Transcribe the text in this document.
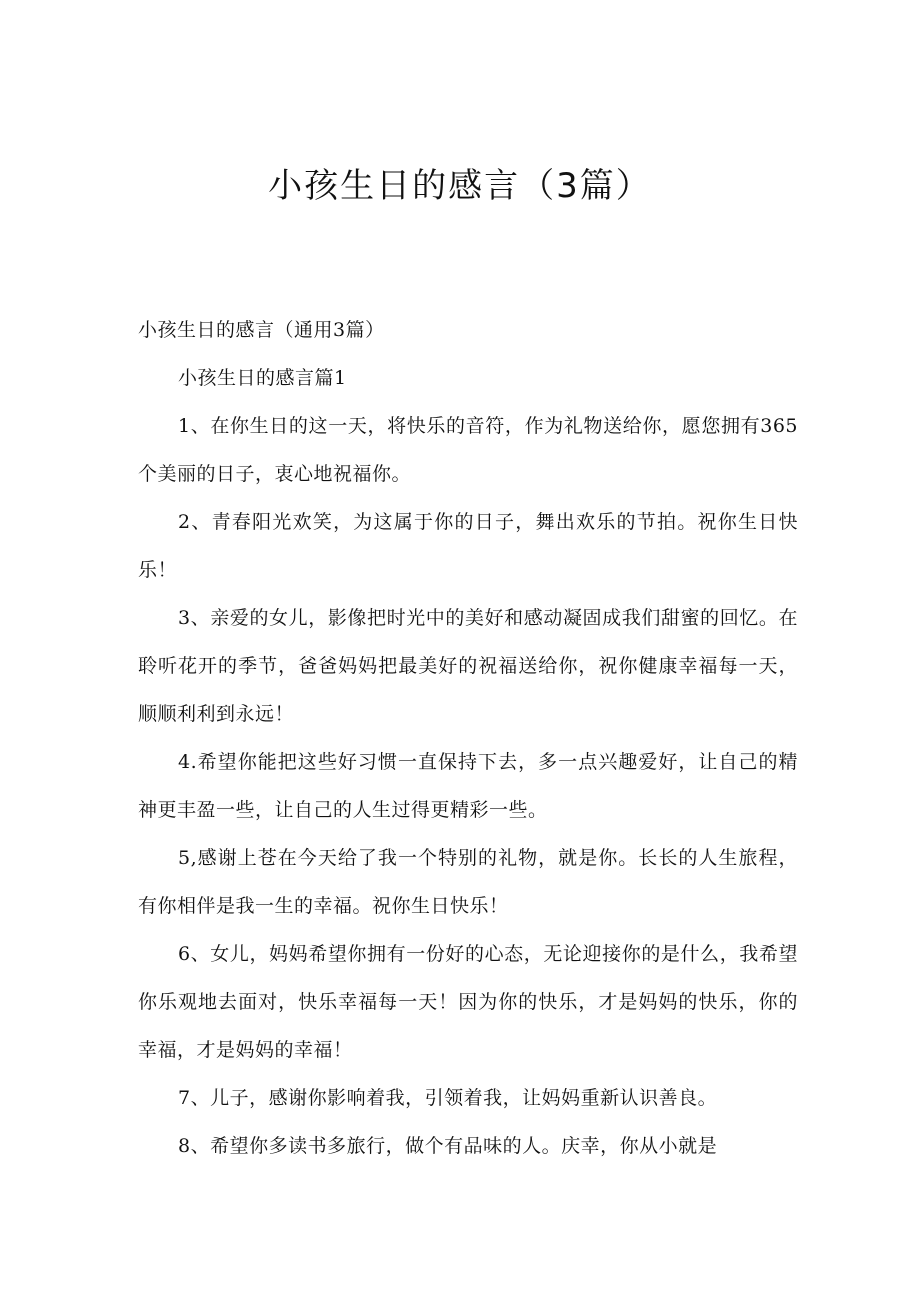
小孩生日的感言（3篇）

小孩生日的感言（通用3篇）

小孩生日的感言篇1

1、在你生日的这一天，将快乐的音符，作为礼物送给你，愿您拥有365个美丽的日子，衷心地祝福你。

2、青春阳光欢笑，为这属于你的日子，舞出欢乐的节拍。祝你生日快乐！

3、亲爱的女儿，影像把时光中的美好和感动凝固成我们甜蜜的回忆。在聆听花开的季节，爸爸妈妈把最美好的祝福送给你，祝你健康幸福每一天，顺顺利利到永远！

4.希望你能把这些好习惯一直保持下去，多一点兴趣爱好，让自己的精神更丰盈一些，让自己的人生过得更精彩一些。

5,感谢上苍在今天给了我一个特别的礼物，就是你。长长的人生旅程，有你相伴是我一生的幸福。祝你生日快乐！

6、女儿，妈妈希望你拥有一份好的心态，无论迎接你的是什么，我希望你乐观地去面对，快乐幸福每一天！因为你的快乐，才是妈妈的快乐，你的幸福，才是妈妈的幸福！

7、儿子，感谢你影响着我，引领着我，让妈妈重新认识善良。

8、希望你多读书多旅行，做个有品味的人。庆幸，你从小就是
